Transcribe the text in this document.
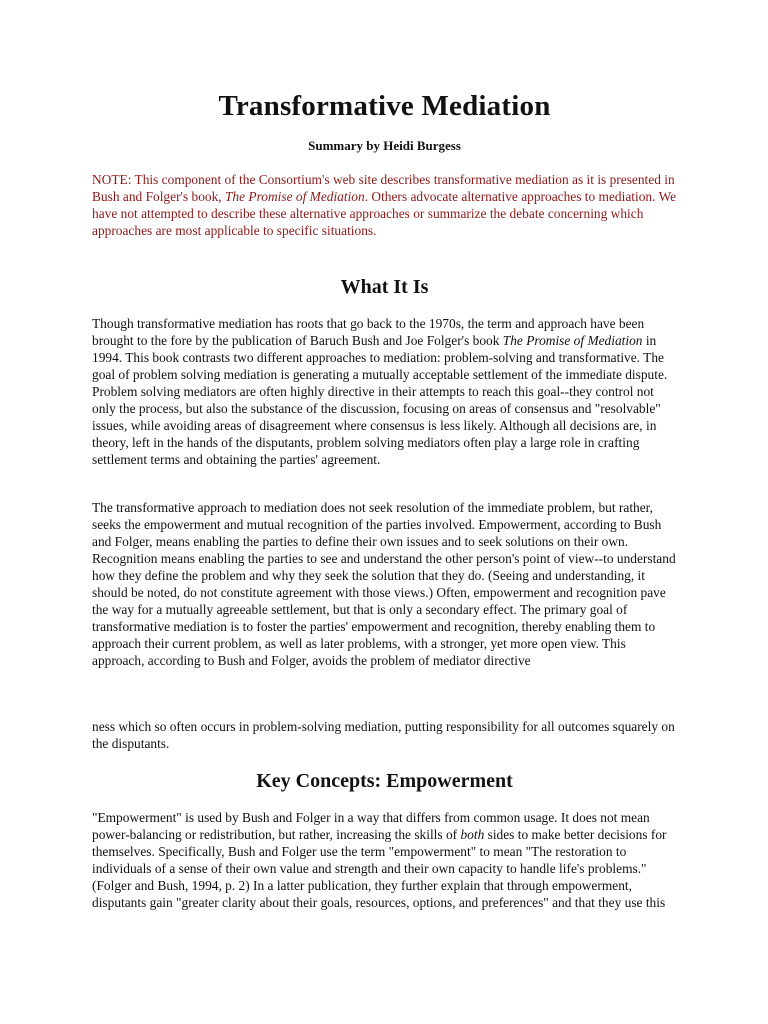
Transformative Mediation
Summary by Heidi Burgess

NOTE: This component of the Consortium's web site describes transformative mediation as it is presented in Bush and Folger's book, The Promise of Mediation. Others advocate alternative approaches to mediation. We have not attempted to describe these alternative approaches or summarize the debate concerning which approaches are most applicable to specific situations.

What It Is

Though transformative mediation has roots that go back to the 1970s, the term and approach have been brought to the fore by the publication of Baruch Bush and Joe Folger's book The Promise of Mediation in 1994. This book contrasts two different approaches to mediation: problem-solving and transformative. The goal of problem solving mediation is generating a mutually acceptable settlement of the immediate dispute. Problem solving mediators are often highly directive in their attempts to reach this goal--they control not only the process, but also the substance of the discussion, focusing on areas of consensus and "resolvable" issues, while avoiding areas of disagreement where consensus is less likely. Although all decisions are, in theory, left in the hands of the disputants, problem solving mediators often play a large role in crafting settlement terms and obtaining the parties' agreement.

The transformative approach to mediation does not seek resolution of the immediate problem, but rather, seeks the empowerment and mutual recognition of the parties involved. Empowerment, according to Bush and Folger, means enabling the parties to define their own issues and to seek solutions on their own. Recognition means enabling the parties to see and understand the other person's point of view--to understand how they define the problem and why they seek the solution that they do. (Seeing and understanding, it should be noted, do not constitute agreement with those views.) Often, empowerment and recognition pave the way for a mutually agreeable settlement, but that is only a secondary effect. The primary goal of transformative mediation is to foster the parties' empowerment and recognition, thereby enabling them to approach their current problem, as well as later problems, with a stronger, yet more open view. This approach, according to Bush and Folger, avoids the problem of mediator directive

ness which so often occurs in problem-solving mediation, putting responsibility for all outcomes squarely on the disputants.

Key Concepts: Empowerment

"Empowerment" is used by Bush and Folger in a way that differs from common usage. It does not mean power-balancing or redistribution, but rather, increasing the skills of both sides to make better decisions for themselves. Specifically, Bush and Folger use the term "empowerment" to mean "The restoration to individuals of a sense of their own value and strength and their own capacity to handle life's problems." (Folger and Bush, 1994, p. 2) In a latter publication, they further explain that through empowerment, disputants gain "greater clarity about their goals, resources, options, and preferences" and that they use this
